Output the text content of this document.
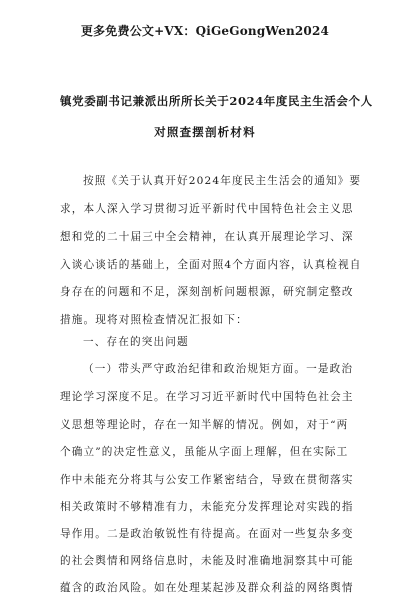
更多免费公文+VX：QiGeGongWen2024
镇党委副书记兼派出所所长关于2024年度民主生活会个人
对照查摆剖析材料
按照《关于认真开好2024年度民主生活会的通知》要
求，本人深入学习贯彻习近平新时代中国特色社会主义思
想和党的二十届三中全会精神，在认真开展理论学习、深
入谈心谈话的基础上，全面对照4个方面内容，认真检视自
身存在的问题和不足，深刻剖析问题根源，研究制定整改
措施。现将对照检查情况汇报如下：
一、存在的突出问题
（一）带头严守政治纪律和政治规矩方面。一是政治
理论学习深度不足。在学习习近平新时代中国特色社会主
义思想等理论时，存在一知半解的情况。例如，对于“两
个确立”的决定性意义，虽能从字面上理解，但在实际工
作中未能充分将其与公安工作紧密结合，导致在贯彻落实
相关政策时不够精准有力，未能充分发挥理论对实践的指
导作用。二是政治敏锐性有待提高。在面对一些复杂多变
的社会舆情和网络信息时，未能及时准确地洞察其中可能
蕴含的政治风险。如在处理某起涉及群众利益的网络舆情
